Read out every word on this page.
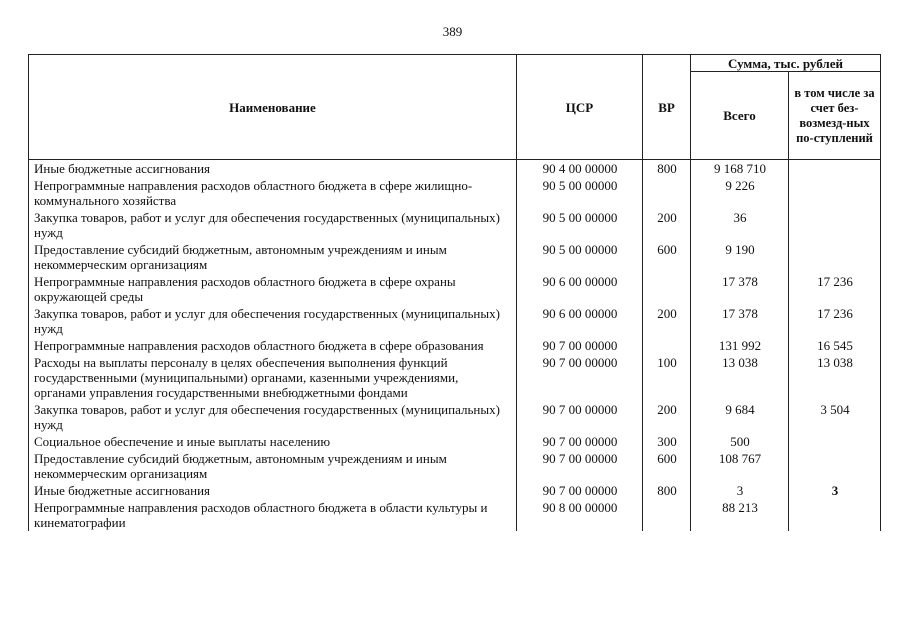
389
Наименование	ЦСР	ВР	Сумма, тыс. рублей	
			Всего	в том числе за счет без-возмезд-ных по-ступлений
Иные бюджетные ассигнования	90 4 00 00000	800	9 168 710	
Непрограммные направления расходов областного бюджета в сфере жилищно-коммунального хозяйства	90 5 00 00000		9 226	
Закупка товаров, работ и услуг для обеспечения государственных (муниципальных) нужд	90 5 00 00000	200	36	
Предоставление субсидий бюджетным, автономным учреждениям и иным некоммерческим организациям	90 5 00 00000	600	9 190	
Непрограммные направления расходов областного бюджета в сфере охраны окружающей среды	90 6 00 00000		17 378	17 236
Закупка товаров, работ и услуг для обеспечения государственных (муниципальных) нужд	90 6 00 00000	200	17 378	17 236
Непрограммные направления расходов областного бюджета в сфере образования	90 7 00 00000		131 992	16 545
Расходы на выплаты персоналу в целях обеспечения выполнения функций государственными (муниципальными) органами, казенными учреждениями, органами управления государственными внебюджетными фондами	90 7 00 00000	100	13 038	13 038
Закупка товаров, работ и услуг для обеспечения государственных (муниципальных) нужд	90 7 00 00000	200	9 684	3 504
Социальное обеспечение и иные выплаты населению	90 7 00 00000	300	500	
Предоставление субсидий бюджетным, автономным учреждениям и иным некоммерческим организациям	90 7 00 00000	600	108 767	
Иные бюджетные ассигнования	90 7 00 00000	800	3	3
Непрограммные направления расходов областного бюджета в области культуры и кинематографии	90 8 00 00000		88 213	
